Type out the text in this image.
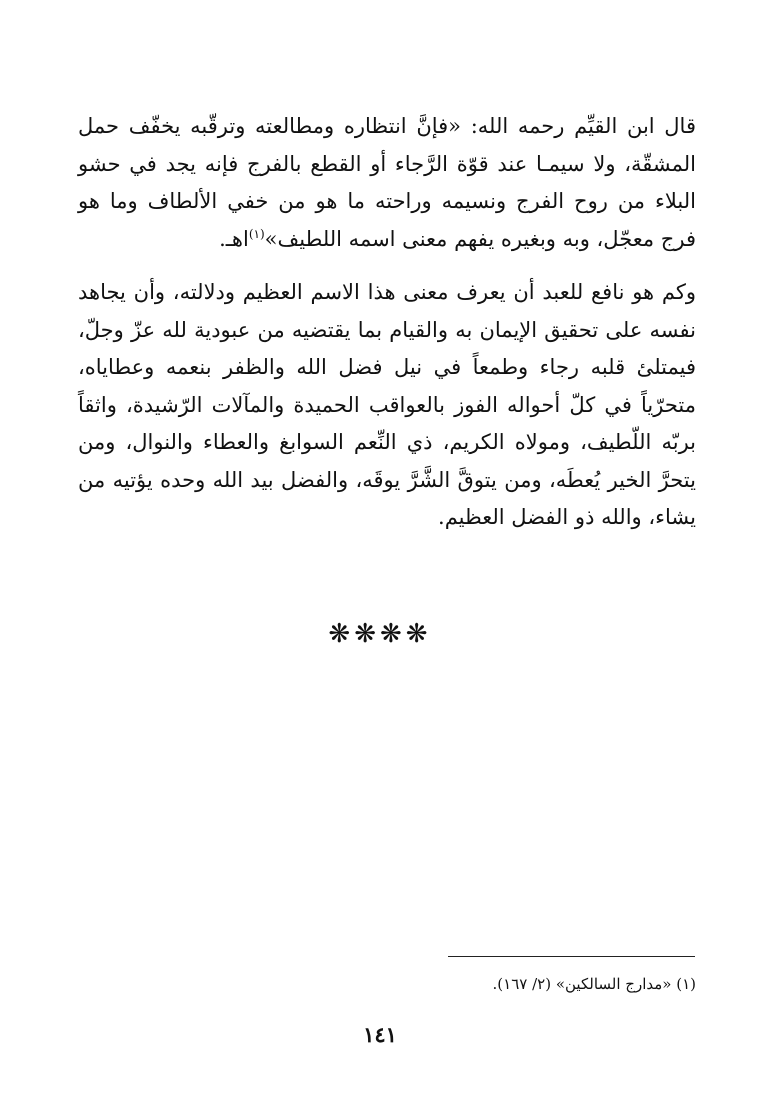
قال ابن القيِّم رحمه الله: «فإنَّ انتظاره ومطالعته وترقّبه يخفّف حمل المشقّة، ولا سيمـا عند قوّة الرَّجاء أو القطع بالفرج فإنه يجد في حشو البلاء من روح الفرج ونسيمه وراحته ما هو من خفي الألطاف وما هو فرج معجّل، وبه وبغيره يفهم معنى اسمه اللطيف»$^{(١)}$اهـ.

وكم هو نافع للعبد أن يعرف معنى هذا الاسم العظيم ودلالته، وأن يجاهد نفسه على تحقيق الإيمان به والقيام بما يقتضيه من عبودية لله عزّ وجلّ، فيمتلئ قلبه رجاء وطمعاً في نيل فضل الله والظفر بنعمه وعطاياه، متحرّياً في كلّ أحواله الفوز بالعواقب الحميدة والمآلات الرّشيدة، واثقاً بربّه اللّطيف، ومولاه الكريم، ذي النِّعم السوابغ والعطاء والنوال، ومن يتحرَّ الخير يُعطَه، ومن يتوقَّ الشَّرَّ يوقَه، والفضل بيد الله وحده يؤتيه من يشاء، والله ذو الفضل العظيم.

❋❋❋❋
(١) «مدارج السالكين» (٢/ ١٦٧).
١٤١
